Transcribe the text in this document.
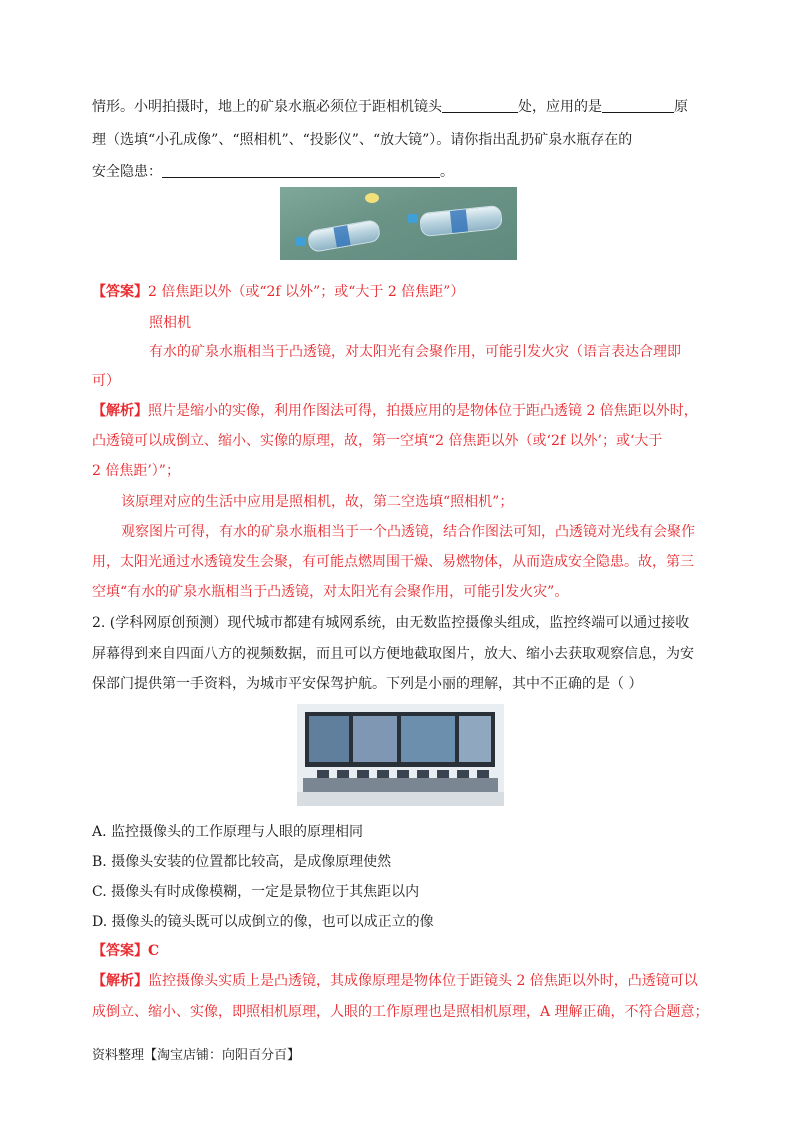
情形。小明拍摄时，地上的矿泉水瓶必须位于距相机镜头	处，应用的是	原
理（选填“小孔成像”、“照相机”、“投影仪”、“放大镜”）。请你指出乱扔矿泉水瓶存在的
安全隐患：	。
【答案】2 倍焦距以外（或“2f 以外”；或“大于 2 倍焦距”）
照相机
有水的矿泉水瓶相当于凸透镜，对太阳光有会聚作用，可能引发火灾（语言表达合理即
可）
【解析】照片是缩小的实像，利用作图法可得，拍摄应用的是物体位于距凸透镜 2 倍焦距以外时，
凸透镜可以成倒立、缩小、实像的原理，故，第一空填“2 倍焦距以外（或‘2f 以外’；或‘大于
2 倍焦距’）”；
该原理对应的生活中应用是照相机，故，第二空选填“照相机”；
观察图片可得，有水的矿泉水瓶相当于一个凸透镜，结合作图法可知，凸透镜对光线有会聚作
用，太阳光通过水透镜发生会聚，有可能点燃周围干燥、易燃物体，从而造成安全隐患。故，第三
空填“有水的矿泉水瓶相当于凸透镜，对太阳光有会聚作用，可能引发火灾”。
2. (学科网原创预测）现代城市都建有城网系统，由无数监控摄像头组成，监控终端可以通过接收
屏幕得到来自四面八方的视频数据，而且可以方便地截取图片，放大、缩小去获取观察信息，为安
保部门提供第一手资料，为城市平安保驾护航。下列是小丽的理解，其中不正确的是（ ）
A. 监控摄像头的工作原理与人眼的原理相同
B. 摄像头安装的位置都比较高，是成像原理使然
C. 摄像头有时成像模糊，一定是景物位于其焦距以内
D. 摄像头的镜头既可以成倒立的像，也可以成正立的像
【答案】C
【解析】监控摄像头实质上是凸透镜，其成像原理是物体位于距镜头 2 倍焦距以外时，凸透镜可以
成倒立、缩小、实像，即照相机原理，人眼的工作原理也是照相机原理，A 理解正确，不符合题意；
资料整理【淘宝店铺：向阳百分百】
